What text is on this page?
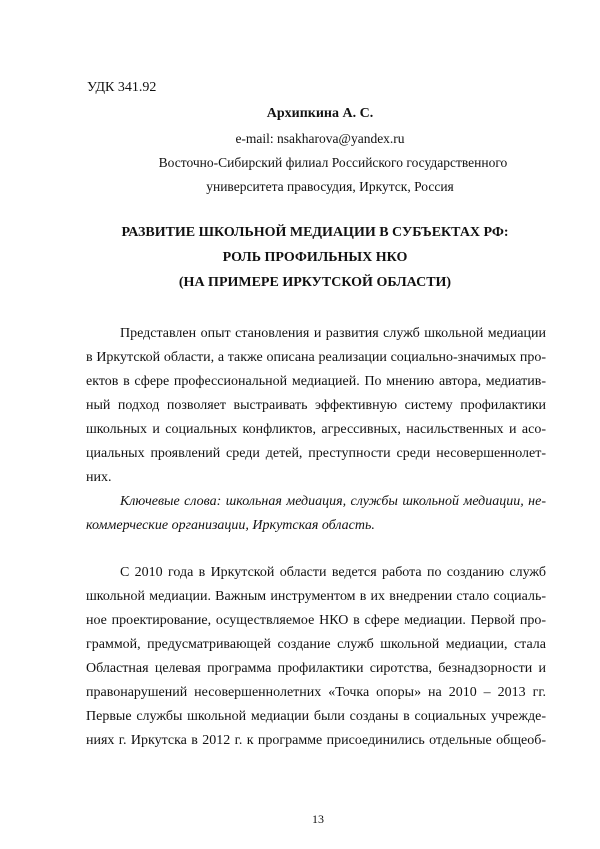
УДК 341.92
Архипкина А. С.
e-mail: nsakharova@yandex.ru
Восточно-Сибирский филиал Российского государственного
университета правосудия, Иркутск, Россия
РАЗВИТИЕ ШКОЛЬНОЙ МЕДИАЦИИ В СУБЪЕКТАХ РФ:
РОЛЬ ПРОФИЛЬНЫХ НКО
(НА ПРИМЕРЕ ИРКУТСКОЙ ОБЛАСТИ)
Представлен опыт становления и развития служб школьной медиации
в Иркутской области, а также описана реализации социально-значимых про-
ектов в сфере профессиональной медиацией. По мнению автора, медиатив-
ный подход позволяет выстраивать эффективную систему профилактики
школьных и социальных конфликтов, агрессивных, насильственных и асо-
циальных проявлений среди детей, преступности среди несовершеннолет-
них.
Ключевые слова: школьная медиация, службы школьной медиации, не-
коммерческие организации, Иркутская область.
С 2010 года в Иркутской области ведется работа по созданию служб
школьной медиации. Важным инструментом в их внедрении стало социаль-
ное проектирование, осуществляемое НКО в сфере медиации. Первой про-
граммой, предусматривающей создание служб школьной медиации, стала
Областная целевая программа профилактики сиротства, безнадзорности и
правонарушений несовершеннолетних «Точка опоры» на 2010 – 2013 гг.
Первые службы школьной медиации были созданы в социальных учрежде-
ниях г. Иркутска в 2012 г. к программе присоединились отдельные общеоб-
13
